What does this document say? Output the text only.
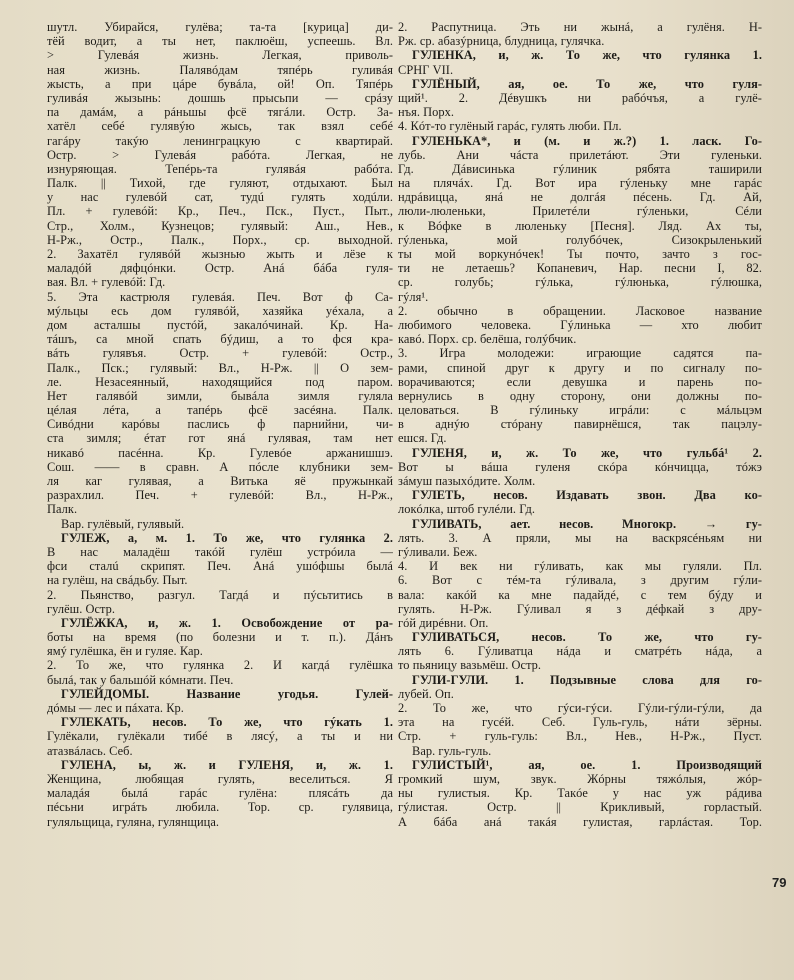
шутл. Убирайся, гулёва; та-та [курица] ди-
тёй водит, а ты нет, паклюёш, успеешь. Вл.
> Гулевáя жизнь. Легкая, приволь-
ная жизнь. Палявóдам тяпéрь гуливáя
жысть, а при цáре бувáла, ой! Оп. Тяпéрь
гуливáя жызынь: дошшь прысьпи — срáзу
па дамáм, а рáньшы фсё тягáли. Остр. За-
хатёл себé гулявýю жысь, так взял себé
гагáру такýю ленинграцкую с квартирай.
Остр. > Гулевáя рабóта. Легкая, не
изнуряющая. Тепéрь-та гулявáя рабóта.
Палк. || Тихой, где гуляют, отдыхают. Был
у нас гулевóй сат, тудú гулять ходúли.
Пл. + гулевóй: Кр., Печ., Пск., Пуст., Пыт.,
Стр., Холм., Кузнецов; гулявый: Аш., Нев.,
Н-Рж., Остр., Палк., Порх., ср. выходной.
2. Захатёл гулявóй жызнью жыть и лёзе к
маладóй дяфцóнки. Остр. Анá бáба гуля-
вая. Вл. + гулевóй: Гд.
5. Эта кастрюля гулевáя. Печ. Вот ф Са-
мýльцы есь дом гулявóй, хазяйка уéхала, а
дом асталшы пустóй, закалóчинай. Кр. На-
тáшъ, са мной спать бýдиш, а то фся кра-
вáть гулявъя. Остр. + гулевóй: Остр.,
Палк., Пск.; гулявый: Вл., Н-Рж. || О зем-
ле. Незасеянный, находящийся под паром.
Нет галявóй зимли, бывáла зимля гуляла
цéлая лéта, а тапéрь фсё засéяна. Палк.
Сивóдни карóвы паслись ф парнийни, чи-
ста зимля; éтат гот янá гулявая, там нет
никавó пасéнна. Кр. Гулевóе аржанишшэ.
Сош. —— в сравн. А пóсле клубники зем-
ля каг гулявая, а Витька яё пружынкай
разрахлил. Печ. + гулевóй: Вл., Н-Рж.,
Палк.
Вар. гулёвый, гулявый.
ГУЛЕЖ, а, м. 1. То же, что гулянка 2.
В нас маладёш такóй гулёш устрóила —
фси сталú скрипят. Печ. Анá ушóфшы былá
на гулёш, на свáдьбу. Пыт.
2. Пьянство, разгул. Тагдá и пýсьтитись в
гулёш. Остр.
ГУЛЁЖКА, и, ж. 1. Освобождение от ра-
боты на время (по болезни и т. п.). Дáнъ
ямý гулёшка, ён и гуляе. Кар.
2. То же, что гулянка 2. И кагдá гулёшка
былá, так у бальшóй кóмнати. Печ.
ГУЛЕЙДОМЫ. Название угодья. Гулей-
дóмы — лес и пáхата. Кр.
ГУЛЕКАТЬ, несов. То же, что гýкать 1.
Гулёкали, гулёкали тибé в лясý, а ты и ни
атазвáлась. Себ.
ГУЛЕНА, ы, ж. и ГУЛЕНЯ, и, ж. 1.
Женщина, любящая гулять, веселиться. Я
маладáя былá гарáс гулёна: плясáть да
пéсьни игрáть любила. Тор. ср. гулявица,
гуляльщица, гуляна, гулянщица.
2. Распутница. Эть ни жынá, а гулёня. Н-
Рж. ср. абазýрница, блудница, гулячка.
ГУЛЕНКА, и, ж. То же, что гулянка 1.
СРНГ VII.
ГУЛЁНЫЙ, ая, ое. То же, что гуля-
щий¹. 2. Дéвушкъ ни рабóчъя, а гулё-
нъя. Порх.
4. Кóт-то гулёный гарáс, гулять люби. Пл.
ГУЛЕНЬКА*, и (м. и ж.?) 1. ласк. Го-
лубь. Ани чáста прилетáют. Эти гуленьки.
Гд. Дáвисинька гýлиник рябята таширили
на плячáх. Гд. Вот ира гýленьку мне гарáс
ндрáвицца, янá не долгáя пéсень. Гд. Ай,
люли-люленьки, Прилетéли гýленьки, Сéли
к Вóфке в люленьку [Песня]. Ляд. Ах ты,
гýленька, мой голубóчек, Сизокрыленький
ты мой воркунóчек! Ты почто, зачто з гос-
ти не летаешь? Копаневич, Нар. песни I, 82.
ср. голубь; гýлька, гýлюнька, гýлюшка,
гýля¹.
2. обычно в обращении. Ласковое название
любимого человека. Гýлинька — хто любит
кавó. Порх. ср. белёша, голýбчик.
3. Игра молодежи: играющие садятся па-
рами, спиной друг к другу и по сигналу по-
ворачиваются; если девушка и парень по-
вернулись в одну сторону, они должны по-
целоваться. В гýлиньку игрáли: с мáльцэм
в аднýю стóрану павирнёшся, так пацэлу-
ешся. Гд.
ГУЛЕНЯ, и, ж. То же, что гульбá¹ 2.
Вот ы вáша гуленя скóра кóнчицца, тóжэ
зáмуш пазыхóдите. Холм.
ГУЛЕТЬ, несов. Издавать звон. Два ко-
локóлка, штоб гулéли. Гд.
ГУЛИВАТЬ, ает. несов. Многокр. → гу-
лять. 3. А пряли, мы на васкрясéньям ни
гýливали. Беж.
4. И век ни гýливать, как мы гуляли. Пл.
6. Вот с тéм-та гýливала, з другим гýли-
вала: какóй ка мне падайдé, с тем бýду и
гулять. Н-Рж. Гýливал я з дéфкай з дру-
гóй дирéвни. Оп.
ГУЛИВАТЬСЯ, несов. То же, что гу-
лять 6. Гýливатца нáда и сматрéть нáда, а
то пьяницу вазьмёш. Остр.
ГУЛИ-ГУЛИ. 1. Подзывные слова для го-
лубей. Оп.
2. То же, что гýси-гýси. Гýли-гýли-гýли, да
эта на гусéй. Себ. Гуль-гуль, нáти зёрны.
Стр. + гуль-гуль: Вл., Нев., Н-Рж., Пуст.
Вар. гуль-гуль.
ГУЛИСТЫЙ¹, ая, ое. 1. Производящий
громкий шум, звук. Жóрны тяжóлыя, жóр-
ны гулистыя. Кр. Такóе у нас уж рáдива
гýлистая. Остр. || Крикливый, горластый.
А бáба анá такáя гулистая, гарлáстая. Тор.
79
